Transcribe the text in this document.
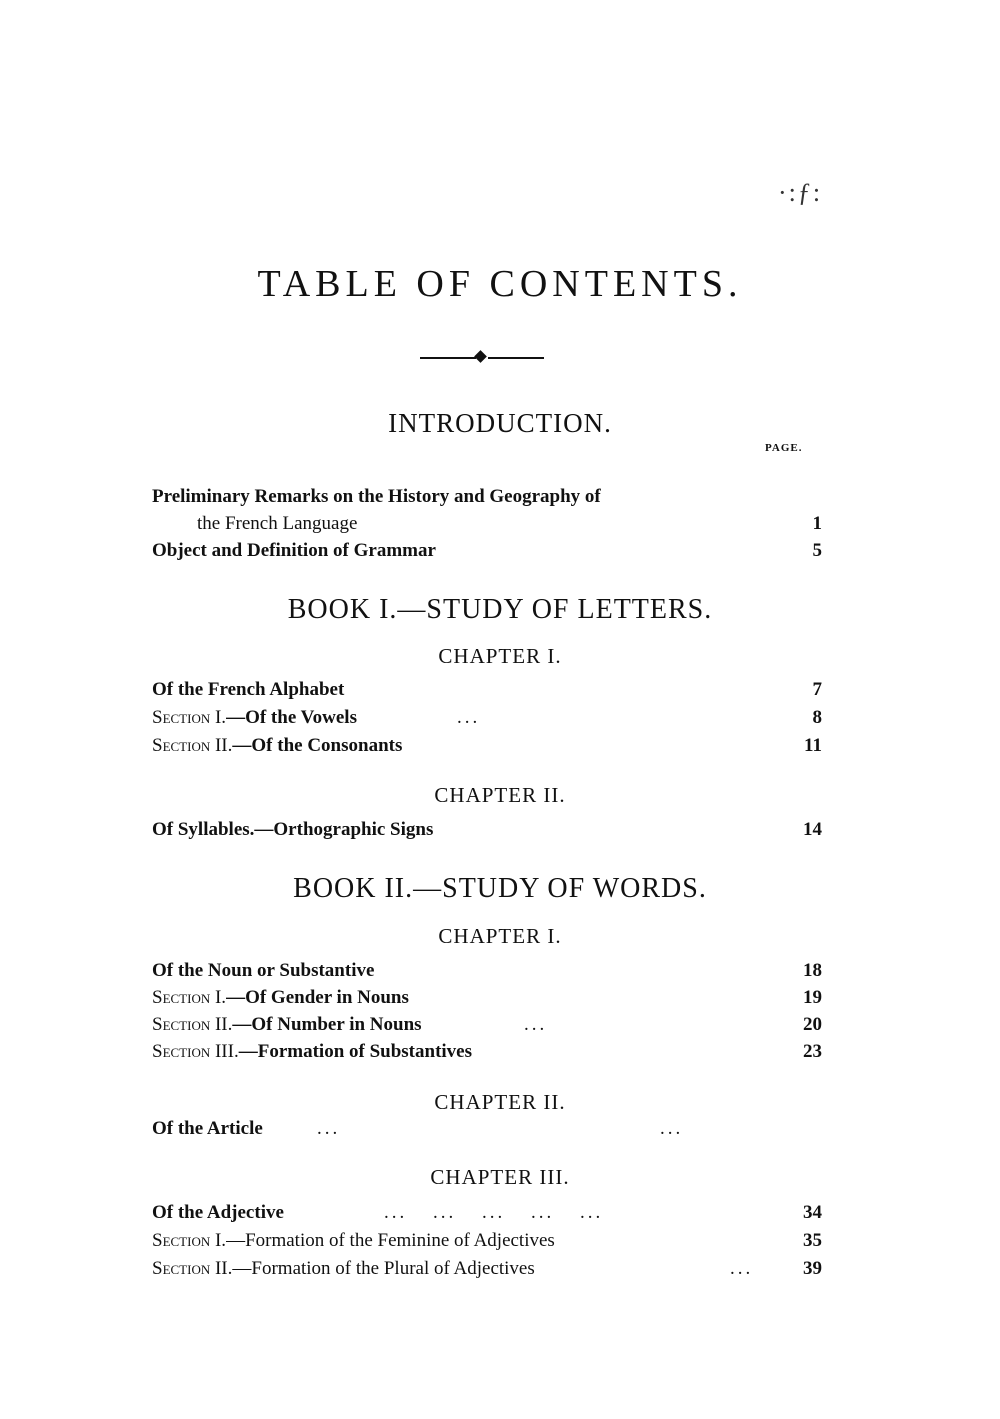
·:ƒ:
TABLE OF CONTENTS.
INTRODUCTION.
PAGE.
Preliminary Remarks on the History and Geography of
the French Language	1
Object and Definition of Grammar	5
BOOK I.—STUDY OF LETTERS.
CHAPTER I.
Of the French Alphabet	7
Section I.—Of the Vowels	...	8
Section II.—Of the Consonants	11
CHAPTER II.
Of Syllables.—Orthographic Signs	14
BOOK II.—STUDY OF WORDS.
CHAPTER I.
Of the Noun or Substantive	18
Section I.—Of Gender in Nouns	19
Section II.—Of Number in Nouns	...	20
Section III.—Formation of Substantives	23
CHAPTER II.
Of the Article	...	...
CHAPTER III.
Of the Adjective	... ... ... ... ...	34
Section I.—Formation of the Feminine of Adjectives	35
Section II.—Formation of the Plural of Adjectives	...	39
